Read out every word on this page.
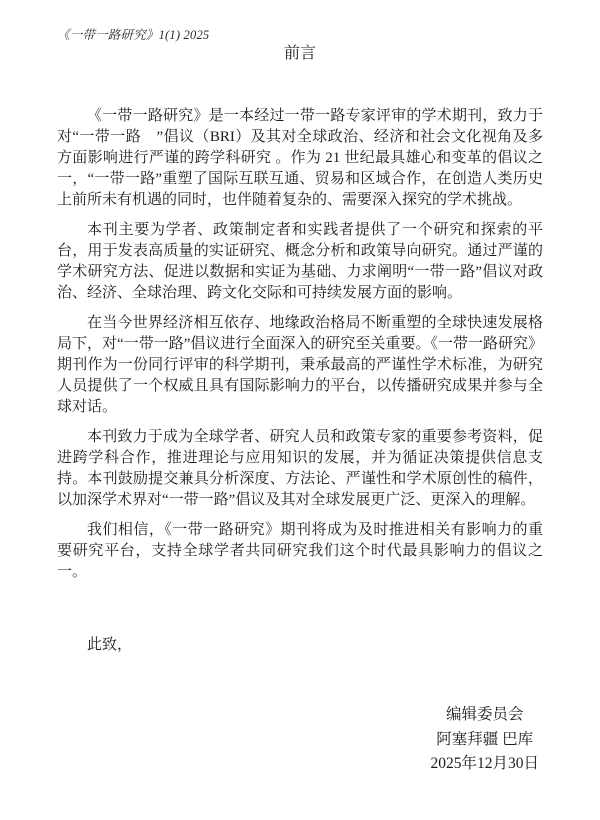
《一带一路研究》1(1) 2025
前言

《一带一路研究》是一本经过一带一路专家评审的学术期刊，致力于对“一带一路　”倡议（BRI）及其对全球政治、经济和社会文化视角及多方面影响进行严谨的跨学科研究 。作为 21 世纪最具雄心和变革的倡议之一，“一带一路”重塑了国际互联互通、贸易和区域合作，在创造人类历史上前所未有机遇的同时，也伴随着复杂的、需要深入探究的学术挑战。

本刊主要为学者、政策制定者和实践者提供了一个研究和探索的平台，用于发表高质量的实证研究、概念分析和政策导向研究。通过严谨的学术研究方法、促进以数据和实证为基础、力求阐明“一带一路”倡议对政治、经济、全球治理、跨文化交际和可持续发展方面的影响。

在当今世界经济相互依存、地缘政治格局不断重塑的全球快速发展格局下，对“一带一路”倡议进行全面深入的研究至关重要。《一带一路研究》期刊作为一份同行评审的科学期刊，秉承最高的严谨性学术标准，为研究人员提供了一个权威且具有国际影响力的平台，以传播研究成果并参与全球对话。

本刊致力于成为全球学者、研究人员和政策专家的重要参考资料，促进跨学科合作，推进理论与应用知识的发展，并为循证决策提供信息支持。本刊鼓励提交兼具分析深度、方法论、严谨性和学术原创性的稿件，以加深学术界对“一带一路”倡议及其对全球发展更广泛、更深入的理解。

我们相信，《一带一路研究》期刊将成为及时推进相关有影响力的重要研究平台，支持全球学者共同研究我们这个时代最具影响力的倡议之一。

此致，
编辑委员会
阿塞拜疆 巴库
2025年12月30日
